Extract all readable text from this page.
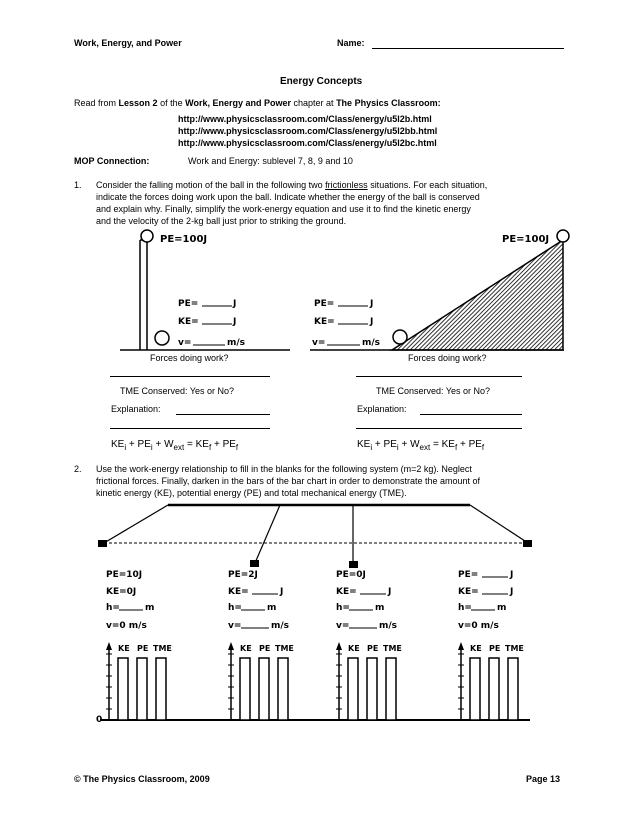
Work, Energy, and Power	Name:
Energy Concepts
Read from Lesson 2 of the Work, Energy and Power chapter at The Physics Classroom:
http://www.physicsclassroom.com/Class/energy/u5l2b.html
http://www.physicsclassroom.com/Class/energy/u5l2bb.html
http://www.physicsclassroom.com/Class/energy/u5l2bc.html
MOP Connection:	Work and Energy: sublevel 7, 8, 9 and 10
1. Consider the falling motion of the ball in the following two frictionless situations. For each situation,
indicate the forces doing work upon the ball. Indicate whether the energy of the ball is conserved
and explain why. Finally, simplify the work-energy equation and use it to find the kinetic energy
and the velocity of the 2-kg ball just prior to striking the ground.
PE=100J
PE=	J
KE=	J
v=	m/s
PE=100J
PE=	J
KE=	J
v=	m/s
Forces doing work?	Forces doing work?
TME Conserved: Yes or No?	TME Conserved: Yes or No?
Explanation:	Explanation:
$KE_i + PE_i + W_{ext} = KE_f + PE_f$	$KE_i + PE_i + W_{ext} = KE_f + PE_f$
2. Use the work-energy relationship to fill in the blanks for the following system (m=2 kg). Neglect
frictional forces. Finally, darken in the bars of the bar chart in order to demonstrate the amount of
kinetic energy (KE), potential energy (PE) and total mechanical energy (TME).
PE=10J
KE=0J
h=	m
v=0 m/s
KE PE TME
PE=2J
KE=	J
h=	m
v=	m/s
KE PE TME
PE=0J
KE=	J
h=	m
v=	m/s
KE PE TME
PE=	J
KE=	J
h=	m
v=0 m/s
KE PE TME
0
© The Physics Classroom, 2009	Page 13
